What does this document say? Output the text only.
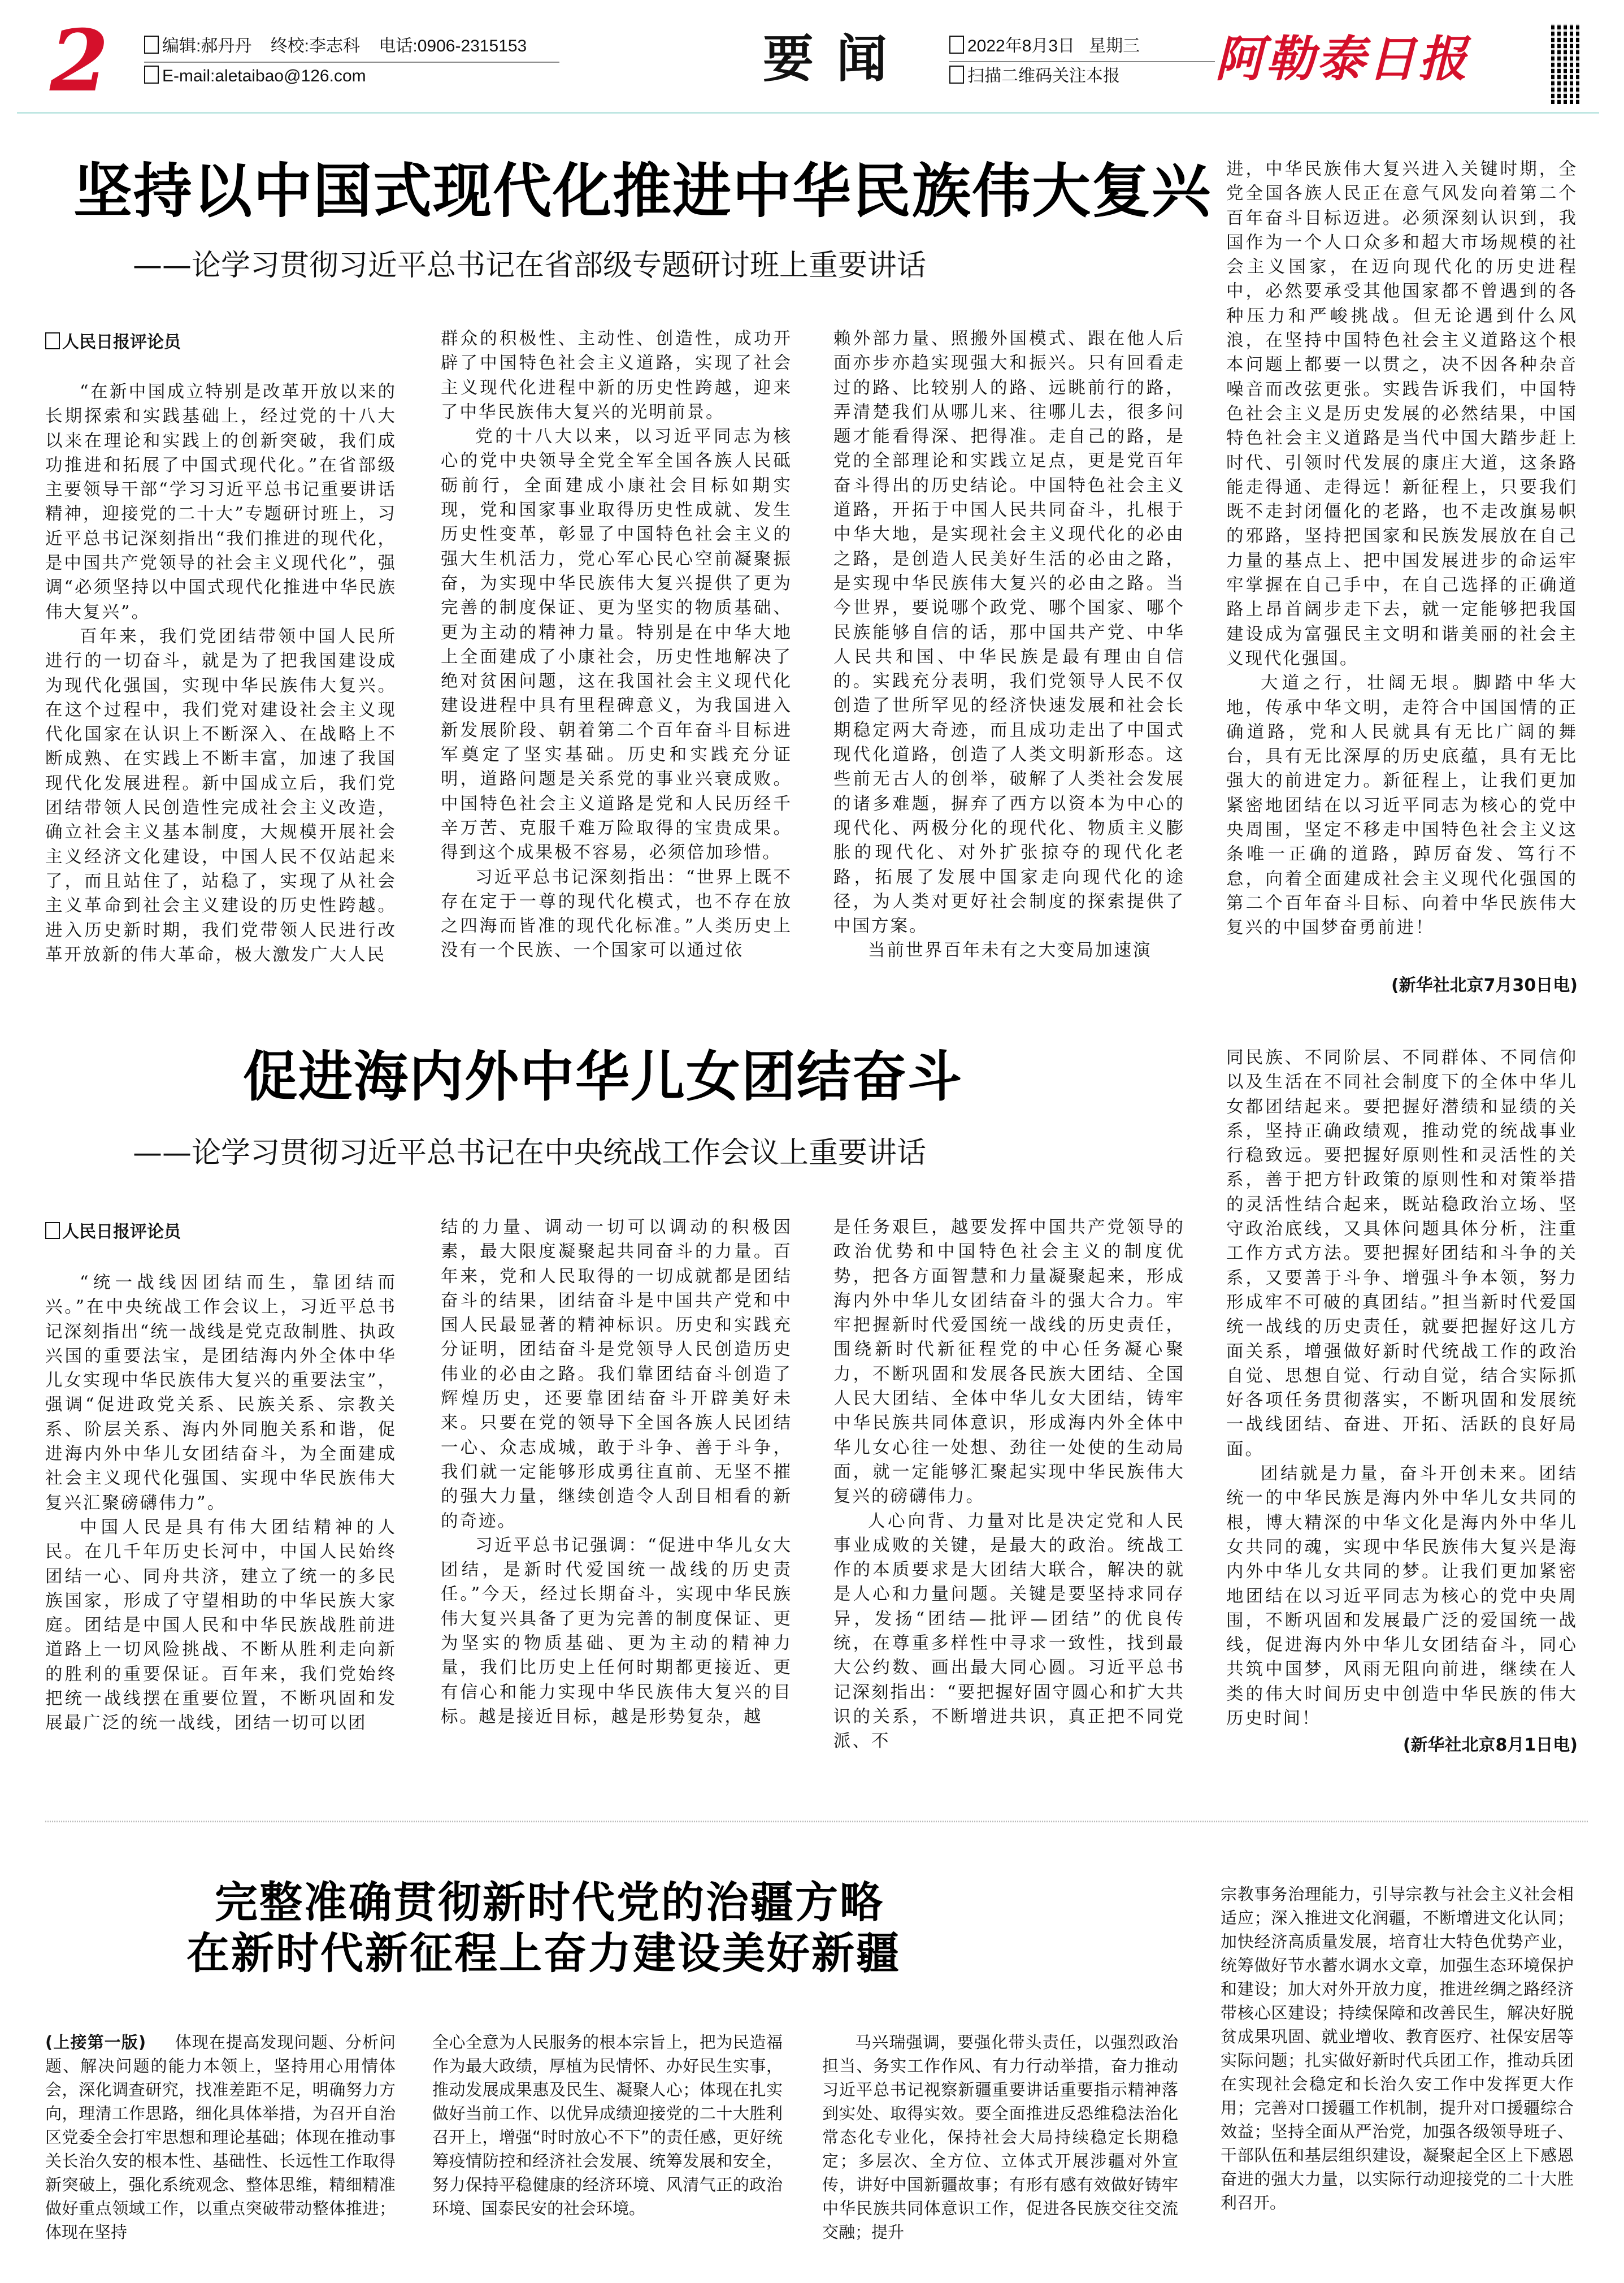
2	编辑:郝丹丹 终校:李志科 电话:0906-2315153
E-mail:aletaibao@126.com	要闻	2022年8月3日 星期三
扫描二维码关注本报	阿勒泰日报
坚持以中国式现代化推进中华民族伟大复兴
——论学习贯彻习近平总书记在省部级专题研讨班上重要讲话
人民日报评论员

“在新中国成立特别是改革开放以来的长期探索和实践基础上，经过党的十八大以来在理论和实践上的创新突破，我们成功推进和拓展了中国式现代化。”在省部级主要领导干部“学习习近平总书记重要讲话精神，迎接党的二十大”专题研讨班上，习近平总书记深刻指出“我们推进的现代化，是中国共产党领导的社会主义现代化”，强调“必须坚持以中国式现代化推进中华民族伟大复兴”。

百年来，我们党团结带领中国人民所进行的一切奋斗，就是为了把我国建设成为现代化强国，实现中华民族伟大复兴。在这个过程中，我们党对建设社会主义现代化国家在认识上不断深入、在战略上不断成熟、在实践上不断丰富，加速了我国现代化发展进程。新中国成立后，我们党团结带领人民创造性完成社会主义改造，确立社会主义基本制度，大规模开展社会主义经济文化建设，中国人民不仅站起来了，而且站住了，站稳了，实现了从社会主义革命到社会主义建设的历史性跨越。进入历史新时期，我们党带领人民进行改革开放新的伟大革命，极大激发广大人民

群众的积极性、主动性、创造性，成功开辟了中国特色社会主义道路，实现了社会主义现代化进程中新的历史性跨越，迎来了中华民族伟大复兴的光明前景。

党的十八大以来，以习近平同志为核心的党中央领导全党全军全国各族人民砥砺前行，全面建成小康社会目标如期实现，党和国家事业取得历史性成就、发生历史性变革，彰显了中国特色社会主义的强大生机活力，党心军心民心空前凝聚振奋，为实现中华民族伟大复兴提供了更为完善的制度保证、更为坚实的物质基础、更为主动的精神力量。特别是在中华大地上全面建成了小康社会，历史性地解决了绝对贫困问题，这在我国社会主义现代化建设进程中具有里程碑意义，为我国进入新发展阶段、朝着第二个百年奋斗目标进军奠定了坚实基础。历史和实践充分证明，道路问题是关系党的事业兴衰成败。中国特色社会主义道路是党和人民历经千辛万苦、克服千难万险取得的宝贵成果。得到这个成果极不容易，必须倍加珍惜。

习近平总书记深刻指出：“世界上既不存在定于一尊的现代化模式，也不存在放之四海而皆准的现代化标准。”人类历史上没有一个民族、一个国家可以通过依

赖外部力量、照搬外国模式、跟在他人后面亦步亦趋实现强大和振兴。只有回看走过的路、比较别人的路、远眺前行的路，弄清楚我们从哪儿来、往哪儿去，很多问题才能看得深、把得准。走自己的路，是党的全部理论和实践立足点，更是党百年奋斗得出的历史结论。中国特色社会主义道路，开拓于中国人民共同奋斗，扎根于中华大地，是实现社会主义现代化的必由之路，是创造人民美好生活的必由之路，是实现中华民族伟大复兴的必由之路。当今世界，要说哪个政党、哪个国家、哪个民族能够自信的话，那中国共产党、中华人民共和国、中华民族是最有理由自信的。实践充分表明，我们党领导人民不仅创造了世所罕见的经济快速发展和社会长期稳定两大奇迹，而且成功走出了中国式现代化道路，创造了人类文明新形态。这些前无古人的创举，破解了人类社会发展的诸多难题，摒弃了西方以资本为中心的现代化、两极分化的现代化、物质主义膨胀的现代化、对外扩张掠夺的现代化老路，拓展了发展中国家走向现代化的途径，为人类对更好社会制度的探索提供了中国方案。

当前世界百年未有之大变局加速演

进，中华民族伟大复兴进入关键时期，全党全国各族人民正在意气风发向着第二个百年奋斗目标迈进。必须深刻认识到，我国作为一个人口众多和超大市场规模的社会主义国家，在迈向现代化的历史进程中，必然要承受其他国家都不曾遇到的各种压力和严峻挑战。但无论遇到什么风浪，在坚持中国特色社会主义道路这个根本问题上都要一以贯之，决不因各种杂音噪音而改弦更张。实践告诉我们，中国特色社会主义是历史发展的必然结果，中国特色社会主义道路是当代中国大踏步赶上时代、引领时代发展的康庄大道，这条路能走得通、走得远！新征程上，只要我们既不走封闭僵化的老路，也不走改旗易帜的邪路，坚持把国家和民族发展放在自己力量的基点上、把中国发展进步的命运牢牢掌握在自己手中，在自己选择的正确道路上昂首阔步走下去，就一定能够把我国建设成为富强民主文明和谐美丽的社会主义现代化强国。

大道之行，壮阔无垠。脚踏中华大地，传承中华文明，走符合中国国情的正确道路，党和人民就具有无比广阔的舞台，具有无比深厚的历史底蕴，具有无比强大的前进定力。新征程上，让我们更加紧密地团结在以习近平同志为核心的党中央周围，坚定不移走中国特色社会主义这条唯一正确的道路，踔厉奋发、笃行不怠，向着全面建成社会主义现代化强国的第二个百年奋斗目标、向着中华民族伟大复兴的中国梦奋勇前进！

(新华社北京7月30日电)
促进海内外中华儿女团结奋斗
——论学习贯彻习近平总书记在中央统战工作会议上重要讲话
人民日报评论员

“统一战线因团结而生，靠团结而兴。”在中央统战工作会议上，习近平总书记深刻指出“统一战线是党克敌制胜、执政兴国的重要法宝，是团结海内外全体中华儿女实现中华民族伟大复兴的重要法宝”，强调“促进政党关系、民族关系、宗教关系、阶层关系、海内外同胞关系和谐，促进海内外中华儿女团结奋斗，为全面建成社会主义现代化强国、实现中华民族伟大复兴汇聚磅礴伟力”。

中国人民是具有伟大团结精神的人民。在几千年历史长河中，中国人民始终团结一心、同舟共济，建立了统一的多民族国家，形成了守望相助的中华民族大家庭。团结是中国人民和中华民族战胜前进道路上一切风险挑战、不断从胜利走向新的胜利的重要保证。百年来，我们党始终把统一战线摆在重要位置，不断巩固和发展最广泛的统一战线，团结一切可以团

结的力量、调动一切可以调动的积极因素，最大限度凝聚起共同奋斗的力量。百年来，党和人民取得的一切成就都是团结奋斗的结果，团结奋斗是中国共产党和中国人民最显著的精神标识。历史和实践充分证明，团结奋斗是党领导人民创造历史伟业的必由之路。我们靠团结奋斗创造了辉煌历史，还要靠团结奋斗开辟美好未来。只要在党的领导下全国各族人民团结一心、众志成城，敢于斗争、善于斗争，我们就一定能够形成勇往直前、无坚不摧的强大力量，继续创造令人刮目相看的新的奇迹。

习近平总书记强调：“促进中华儿女大团结，是新时代爱国统一战线的历史责任。”今天，经过长期奋斗，实现中华民族伟大复兴具备了更为完善的制度保证、更为坚实的物质基础、更为主动的精神力量，我们比历史上任何时期都更接近、更有信心和能力实现中华民族伟大复兴的目标。越是接近目标，越是形势复杂，越

是任务艰巨，越要发挥中国共产党领导的政治优势和中国特色社会主义的制度优势，把各方面智慧和力量凝聚起来，形成海内外中华儿女团结奋斗的强大合力。牢牢把握新时代爱国统一战线的历史责任，围绕新时代新征程党的中心任务凝心聚力，不断巩固和发展各民族大团结、全国人民大团结、全体中华儿女大团结，铸牢中华民族共同体意识，形成海内外全体中华儿女心往一处想、劲往一处使的生动局面，就一定能够汇聚起实现中华民族伟大复兴的磅礴伟力。

人心向背、力量对比是决定党和人民事业成败的关键，是最大的政治。统战工作的本质要求是大团结大联合，解决的就是人心和力量问题。关键是要坚持求同存异，发扬“团结—批评—团结”的优良传统，在尊重多样性中寻求一致性，找到最大公约数、画出最大同心圆。习近平总书记深刻指出：“要把握好固守圆心和扩大共识的关系，不断增进共识，真正把不同党派、不

同民族、不同阶层、不同群体、不同信仰以及生活在不同社会制度下的全体中华儿女都团结起来。要把握好潜绩和显绩的关系，坚持正确政绩观，推动党的统战事业行稳致远。要把握好原则性和灵活性的关系，善于把方针政策的原则性和对策举措的灵活性结合起来，既站稳政治立场、坚守政治底线，又具体问题具体分析，注重工作方式方法。要把握好团结和斗争的关系，又要善于斗争、增强斗争本领，努力形成牢不可破的真团结。”担当新时代爱国统一战线的历史责任，就要把握好这几方面关系，增强做好新时代统战工作的政治自觉、思想自觉、行动自觉，结合实际抓好各项任务贯彻落实，不断巩固和发展统一战线团结、奋进、开拓、活跃的良好局面。

团结就是力量，奋斗开创未来。团结统一的中华民族是海内外中华儿女共同的根，博大精深的中华文化是海内外中华儿女共同的魂，实现中华民族伟大复兴是海内外中华儿女共同的梦。让我们更加紧密地团结在以习近平同志为核心的党中央周围，不断巩固和发展最广泛的爱国统一战线，促进海内外中华儿女团结奋斗，同心共筑中国梦，风雨无阻向前进，继续在人类的伟大时间历史中创造中华民族的伟大历史时间！

(新华社北京8月1日电)
完整准确贯彻新时代党的治疆方略
在新时代新征程上奋力建设美好新疆

(上接第一版) 体现在提高发现问题、分析问题、解决问题的能力本领上，坚持用心用情体会，深化调查研究，找准差距不足，明确努力方向，理清工作思路，细化具体举措，为召开自治区党委全会打牢思想和理论基础；体现在推动事关长治久安的根本性、基础性、长远性工作取得新突破上，强化系统观念、整体思维，精细精准做好重点领域工作，以重点突破带动整体推进；体现在坚持

全心全意为人民服务的根本宗旨上，把为民造福作为最大政绩，厚植为民情怀、办好民生实事，推动发展成果惠及民生、凝聚人心；体现在扎实做好当前工作、以优异成绩迎接党的二十大胜利召开上，增强“时时放心不下”的责任感，更好统筹疫情防控和经济社会发展、统筹发展和安全，努力保持平稳健康的经济环境、风清气正的政治环境、国泰民安的社会环境。

马兴瑞强调，要强化带头责任，以强烈政治担当、务实工作作风、有力行动举措，奋力推动习近平总书记视察新疆重要讲话重要指示精神落到实处、取得实效。要全面推进反恐维稳法治化常态化专业化，保持社会大局持续稳定长期稳定；多层次、全方位、立体式开展涉疆对外宣传，讲好中国新疆故事；有形有感有效做好铸牢中华民族共同体意识工作，促进各民族交往交流交融；提升

宗教事务治理能力，引导宗教与社会主义社会相适应；深入推进文化润疆，不断增进文化认同；加快经济高质量发展，培育壮大特色优势产业，统筹做好节水蓄水调水文章，加强生态环境保护和建设；加大对外开放力度，推进丝绸之路经济带核心区建设；持续保障和改善民生，解决好脱贫成果巩固、就业增收、教育医疗、社保安居等实际问题；扎实做好新时代兵团工作，推动兵团在实现社会稳定和长治久安工作中发挥更大作用；完善对口援疆工作机制，提升对口援疆综合效益；坚持全面从严治党，加强各级领导班子、干部队伍和基层组织建设，凝聚起全区上下感恩奋进的强大力量，以实际行动迎接党的二十大胜利召开。
